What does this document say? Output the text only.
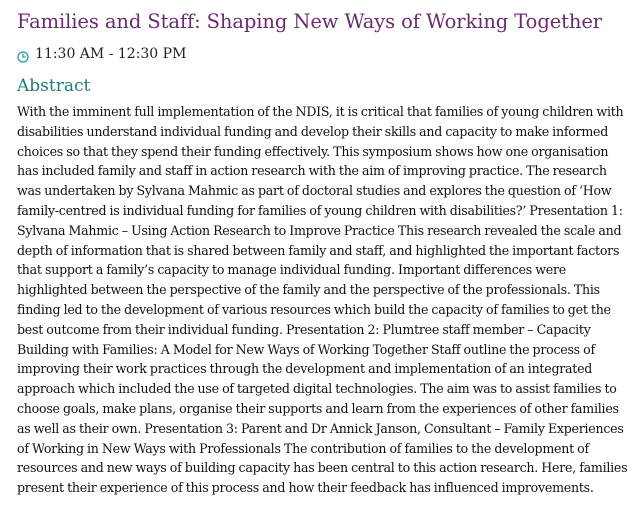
Families and Staff: Shaping New Ways of Working Together
11:30 AM - 12:30 PM
Abstract

With the imminent full implementation of the NDIS, it is critical that families of young children with disabilities understand individual funding and develop their skills and capacity to make informed choices so that they spend their funding effectively. This symposium shows how one organisation has included family and staff in action research with the aim of improving practice. The research was undertaken by Sylvana Mahmic as part of doctoral studies and explores the question of ‘How family-centred is individual funding for families of young children with disabilities?’ Presentation 1: Sylvana Mahmic – Using Action Research to Improve Practice This research revealed the scale and depth of information that is shared between family and staff, and highlighted the important factors that support a family’s capacity to manage individual funding. Important differences were highlighted between the perspective of the family and the perspective of the professionals. This finding led to the development of various resources which build the capacity of families to get the best outcome from their individual funding. Presentation 2: Plumtree staff member – Capacity Building with Families: A Model for New Ways of Working Together Staff outline the process of improving their work practices through the development and implementation of an integrated approach which included the use of targeted digital technologies. The aim was to assist families to choose goals, make plans, organise their supports and learn from the experiences of other families as well as their own. Presentation 3: Parent and Dr Annick Janson, Consultant – Family Experiences of Working in New Ways with Professionals The contribution of families to the development of resources and new ways of building capacity has been central to this action research. Here, families present their experience of this process and how their feedback has influenced improvements.
